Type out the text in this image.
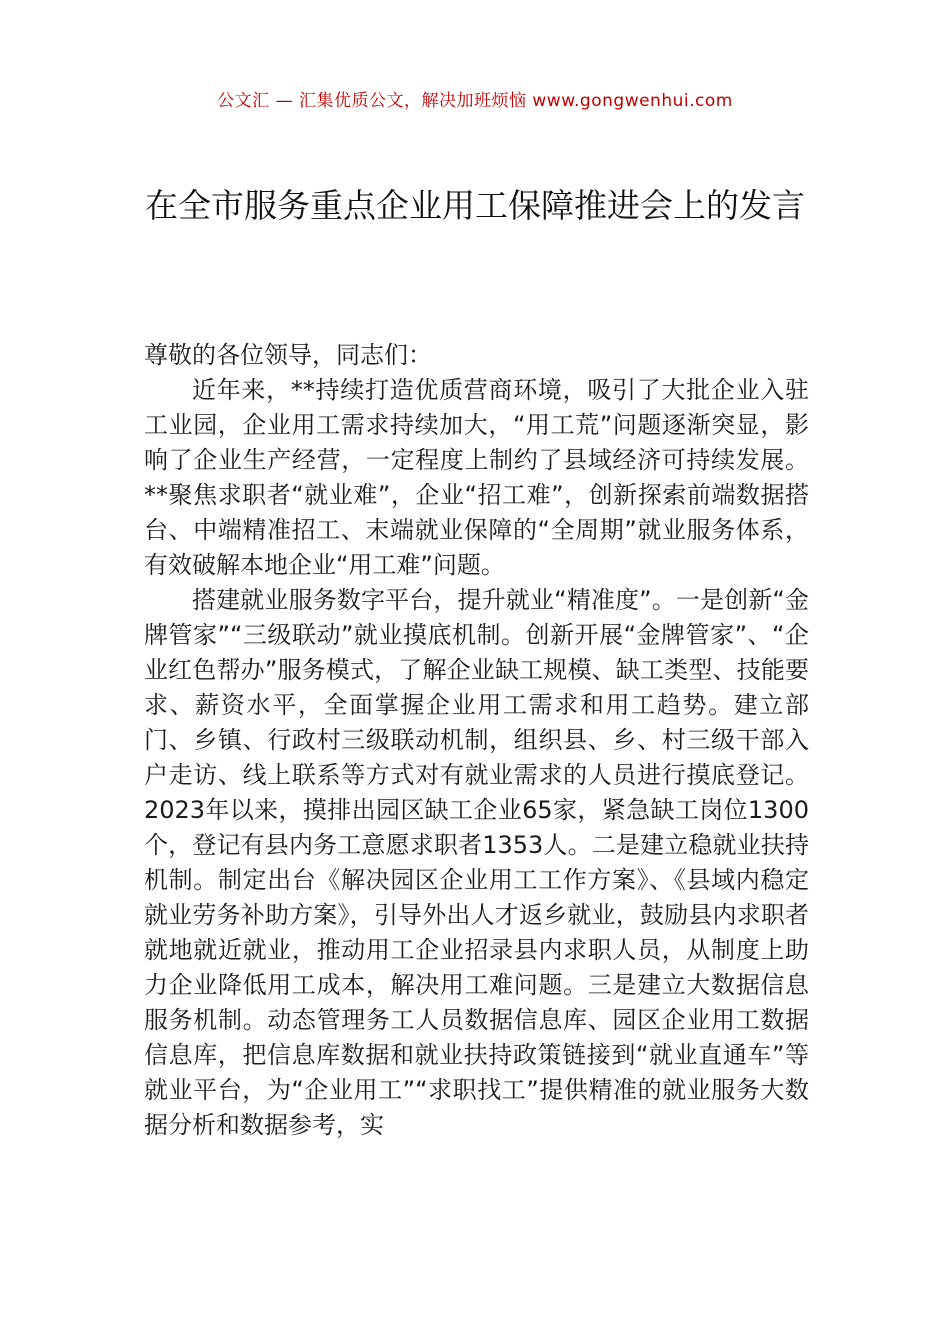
公文汇 — 汇集优质公文，解决加班烦恼 www.gongwenhui.com
在全市服务重点企业用工保障推进会上的发言

尊敬的各位领导，同志们：

近年来，**持续打造优质营商环境，吸引了大批企业入驻工业园，企业用工需求持续加大，“用工荒”问题逐渐突显，影响了企业生产经营，一定程度上制约了县域经济可持续发展。**聚焦求职者“就业难”，企业“招工难”，创新探索前端数据搭台、中端精准招工、末端就业保障的“全周期”就业服务体系，有效破解本地企业“用工难”问题。

搭建就业服务数字平台，提升就业“精准度”。一是创新“金牌管家”“三级联动”就业摸底机制。创新开展“金牌管家”、“企业红色帮办”服务模式，了解企业缺工规模、缺工类型、技能要求、薪资水平，全面掌握企业用工需求和用工趋势。建立部门、乡镇、行政村三级联动机制，组织县、乡、村三级干部入户走访、线上联系等方式对有就业需求的人员进行摸底登记。2023年以来，摸排出园区缺工企业65家，紧急缺工岗位1300个，登记有县内务工意愿求职者1353人。二是建立稳就业扶持机制。制定出台《解决园区企业用工工作方案》、《县域内稳定就业劳务补助方案》，引导外出人才返乡就业，鼓励县内求职者就地就近就业，推动用工企业招录县内求职人员，从制度上助力企业降低用工成本，解决用工难问题。三是建立大数据信息服务机制。动态管理务工人员数据信息库、园区企业用工数据信息库，把信息库数据和就业扶持政策链接到“就业直通车”等就业平台，为“企业用工”“求职找工”提供精准的就业服务大数据分析和数据参考，实
